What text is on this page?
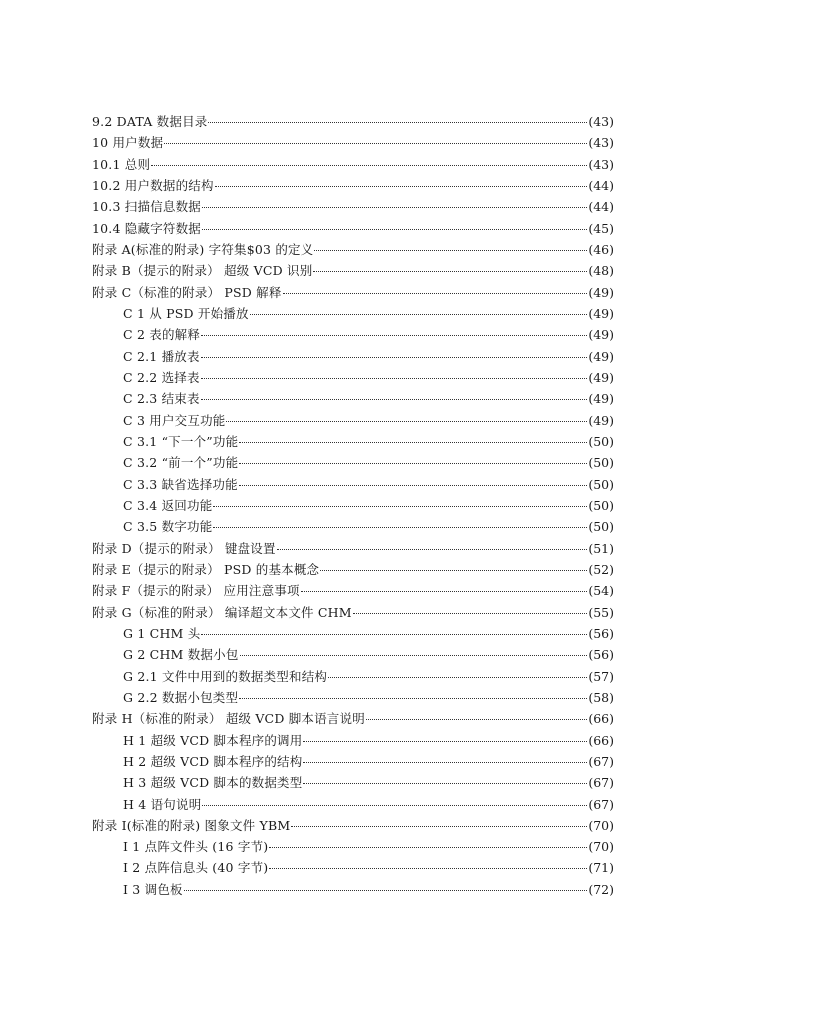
9.2 DATA 数据目录	(43)
10 用户数据	(43)
10.1 总则	(43)
10.2 用户数据的结构	(44)
10.3 扫描信息数据	(44)
10.4 隐藏字符数据	(45)
附录 A(标准的附录) 字符集$03 的定义	(46)
附录 B（提示的附录） 超级 VCD 识别	(48)
附录 C（标准的附录） PSD 解释	(49)
C 1 从 PSD 开始播放	(49)
C 2 表的解释	(49)
C 2.1 播放表	(49)
C 2.2 选择表	(49)
C 2.3 结束表	(49)
C 3 用户交互功能	(49)
C 3.1 “下一个”功能	(50)
C 3.2 “前一个”功能	(50)
C 3.3 缺省选择功能	(50)
C 3.4 返回功能	(50)
C 3.5 数字功能	(50)
附录 D（提示的附录） 键盘设置	(51)
附录 E（提示的附录） PSD 的基本概念	(52)
附录 F（提示的附录） 应用注意事项	(54)
附录 G（标准的附录） 编译超文本文件 CHM	(55)
G 1 CHM 头	(56)
G 2 CHM 数据小包	(56)
G 2.1 文件中用到的数据类型和结构	(57)
G 2.2 数据小包类型	(58)
附录 H（标准的附录） 超级 VCD 脚本语言说明	(66)
H 1 超级 VCD 脚本程序的调用	(66)
H 2 超级 VCD 脚本程序的结构	(67)
H 3 超级 VCD 脚本的数据类型	(67)
H 4 语句说明	(67)
附录 I(标准的附录) 图象文件 YBM	(70)
I 1 点阵文件头 (16 字节)	(70)
I 2 点阵信息头 (40 字节)	(71)
I 3 调色板	(72)
